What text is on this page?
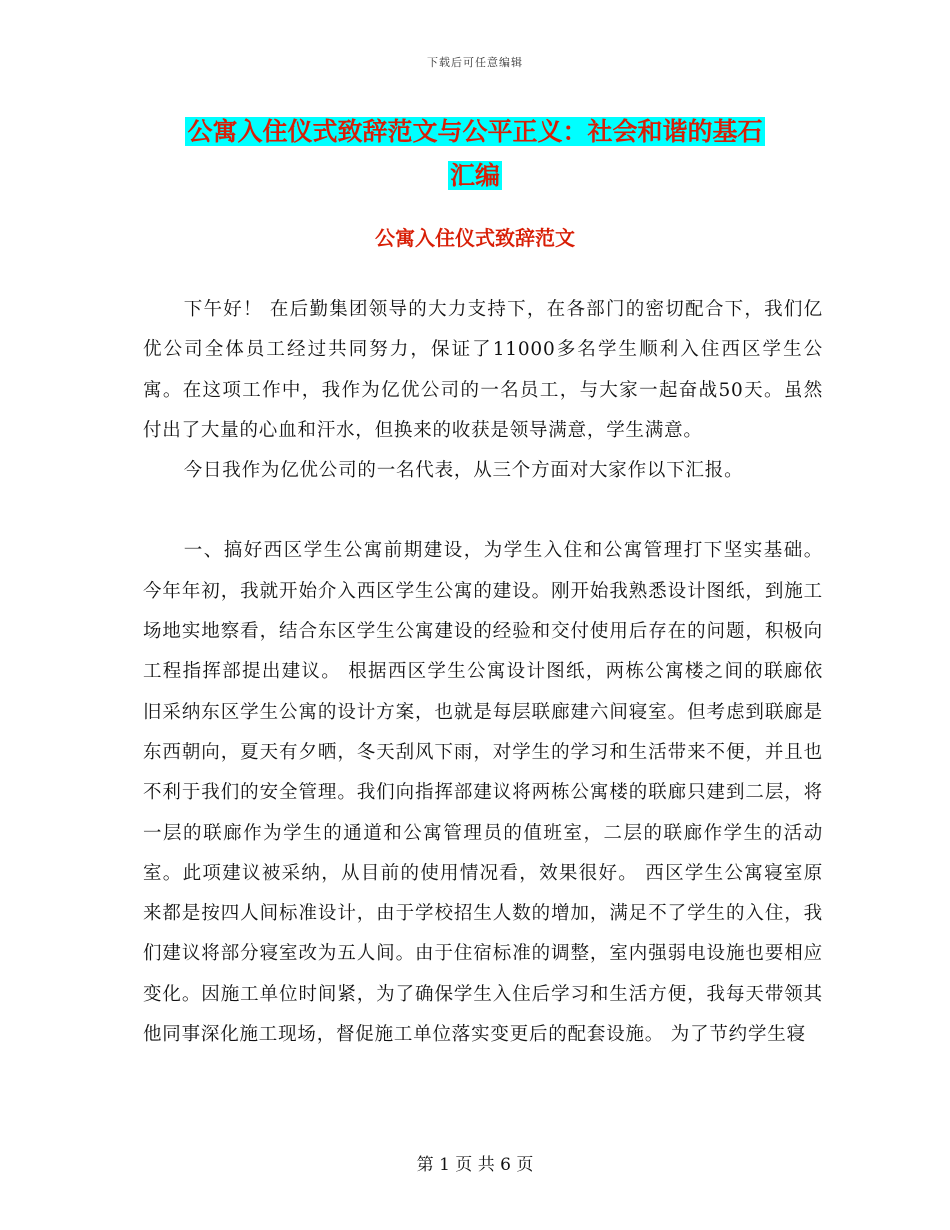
下载后可任意编辑
公寓入住仪式致辞范文与公平正义：社会和谐的基石
汇编
公寓入住仪式致辞范文

下午好！ 在后勤集团领导的大力支持下，在各部门的密切配合下，我们亿优公司全体员工经过共同努力，保证了11000多名学生顺利入住西区学生公寓。在这项工作中，我作为亿优公司的一名员工，与大家一起奋战50天。虽然付出了大量的心血和汗水，但换来的收获是领导满意，学生满意。

今日我作为亿优公司的一名代表，从三个方面对大家作以下汇报。

一、搞好西区学生公寓前期建设，为学生入住和公寓管理打下坚实基础。 今年年初，我就开始介入西区学生公寓的建设。刚开始我熟悉设计图纸，到施工场地实地察看，结合东区学生公寓建设的经验和交付使用后存在的问题，积极向工程指挥部提出建议。 根据西区学生公寓设计图纸，两栋公寓楼之间的联廊依旧采纳东区学生公寓的设计方案，也就是每层联廊建六间寝室。但考虑到联廊是东西朝向，夏天有夕晒，冬天刮风下雨，对学生的学习和生活带来不便，并且也不利于我们的安全管理。我们向指挥部建议将两栋公寓楼的联廊只建到二层，将一层的联廊作为学生的通道和公寓管理员的值班室，二层的联廊作学生的活动室。此项建议被采纳，从目前的使用情况看，效果很好。 西区学生公寓寝室原来都是按四人间标准设计，由于学校招生人数的增加，满足不了学生的入住，我们建议将部分寝室改为五人间。由于住宿标准的调整，室内强弱电设施也要相应变化。因施工单位时间紧，为了确保学生入住后学习和生活方便，我每天带领其他同事深化施工现场，督促施工单位落实变更后的配套设施。 为了节约学生寝

第 1 页 共 6 页
